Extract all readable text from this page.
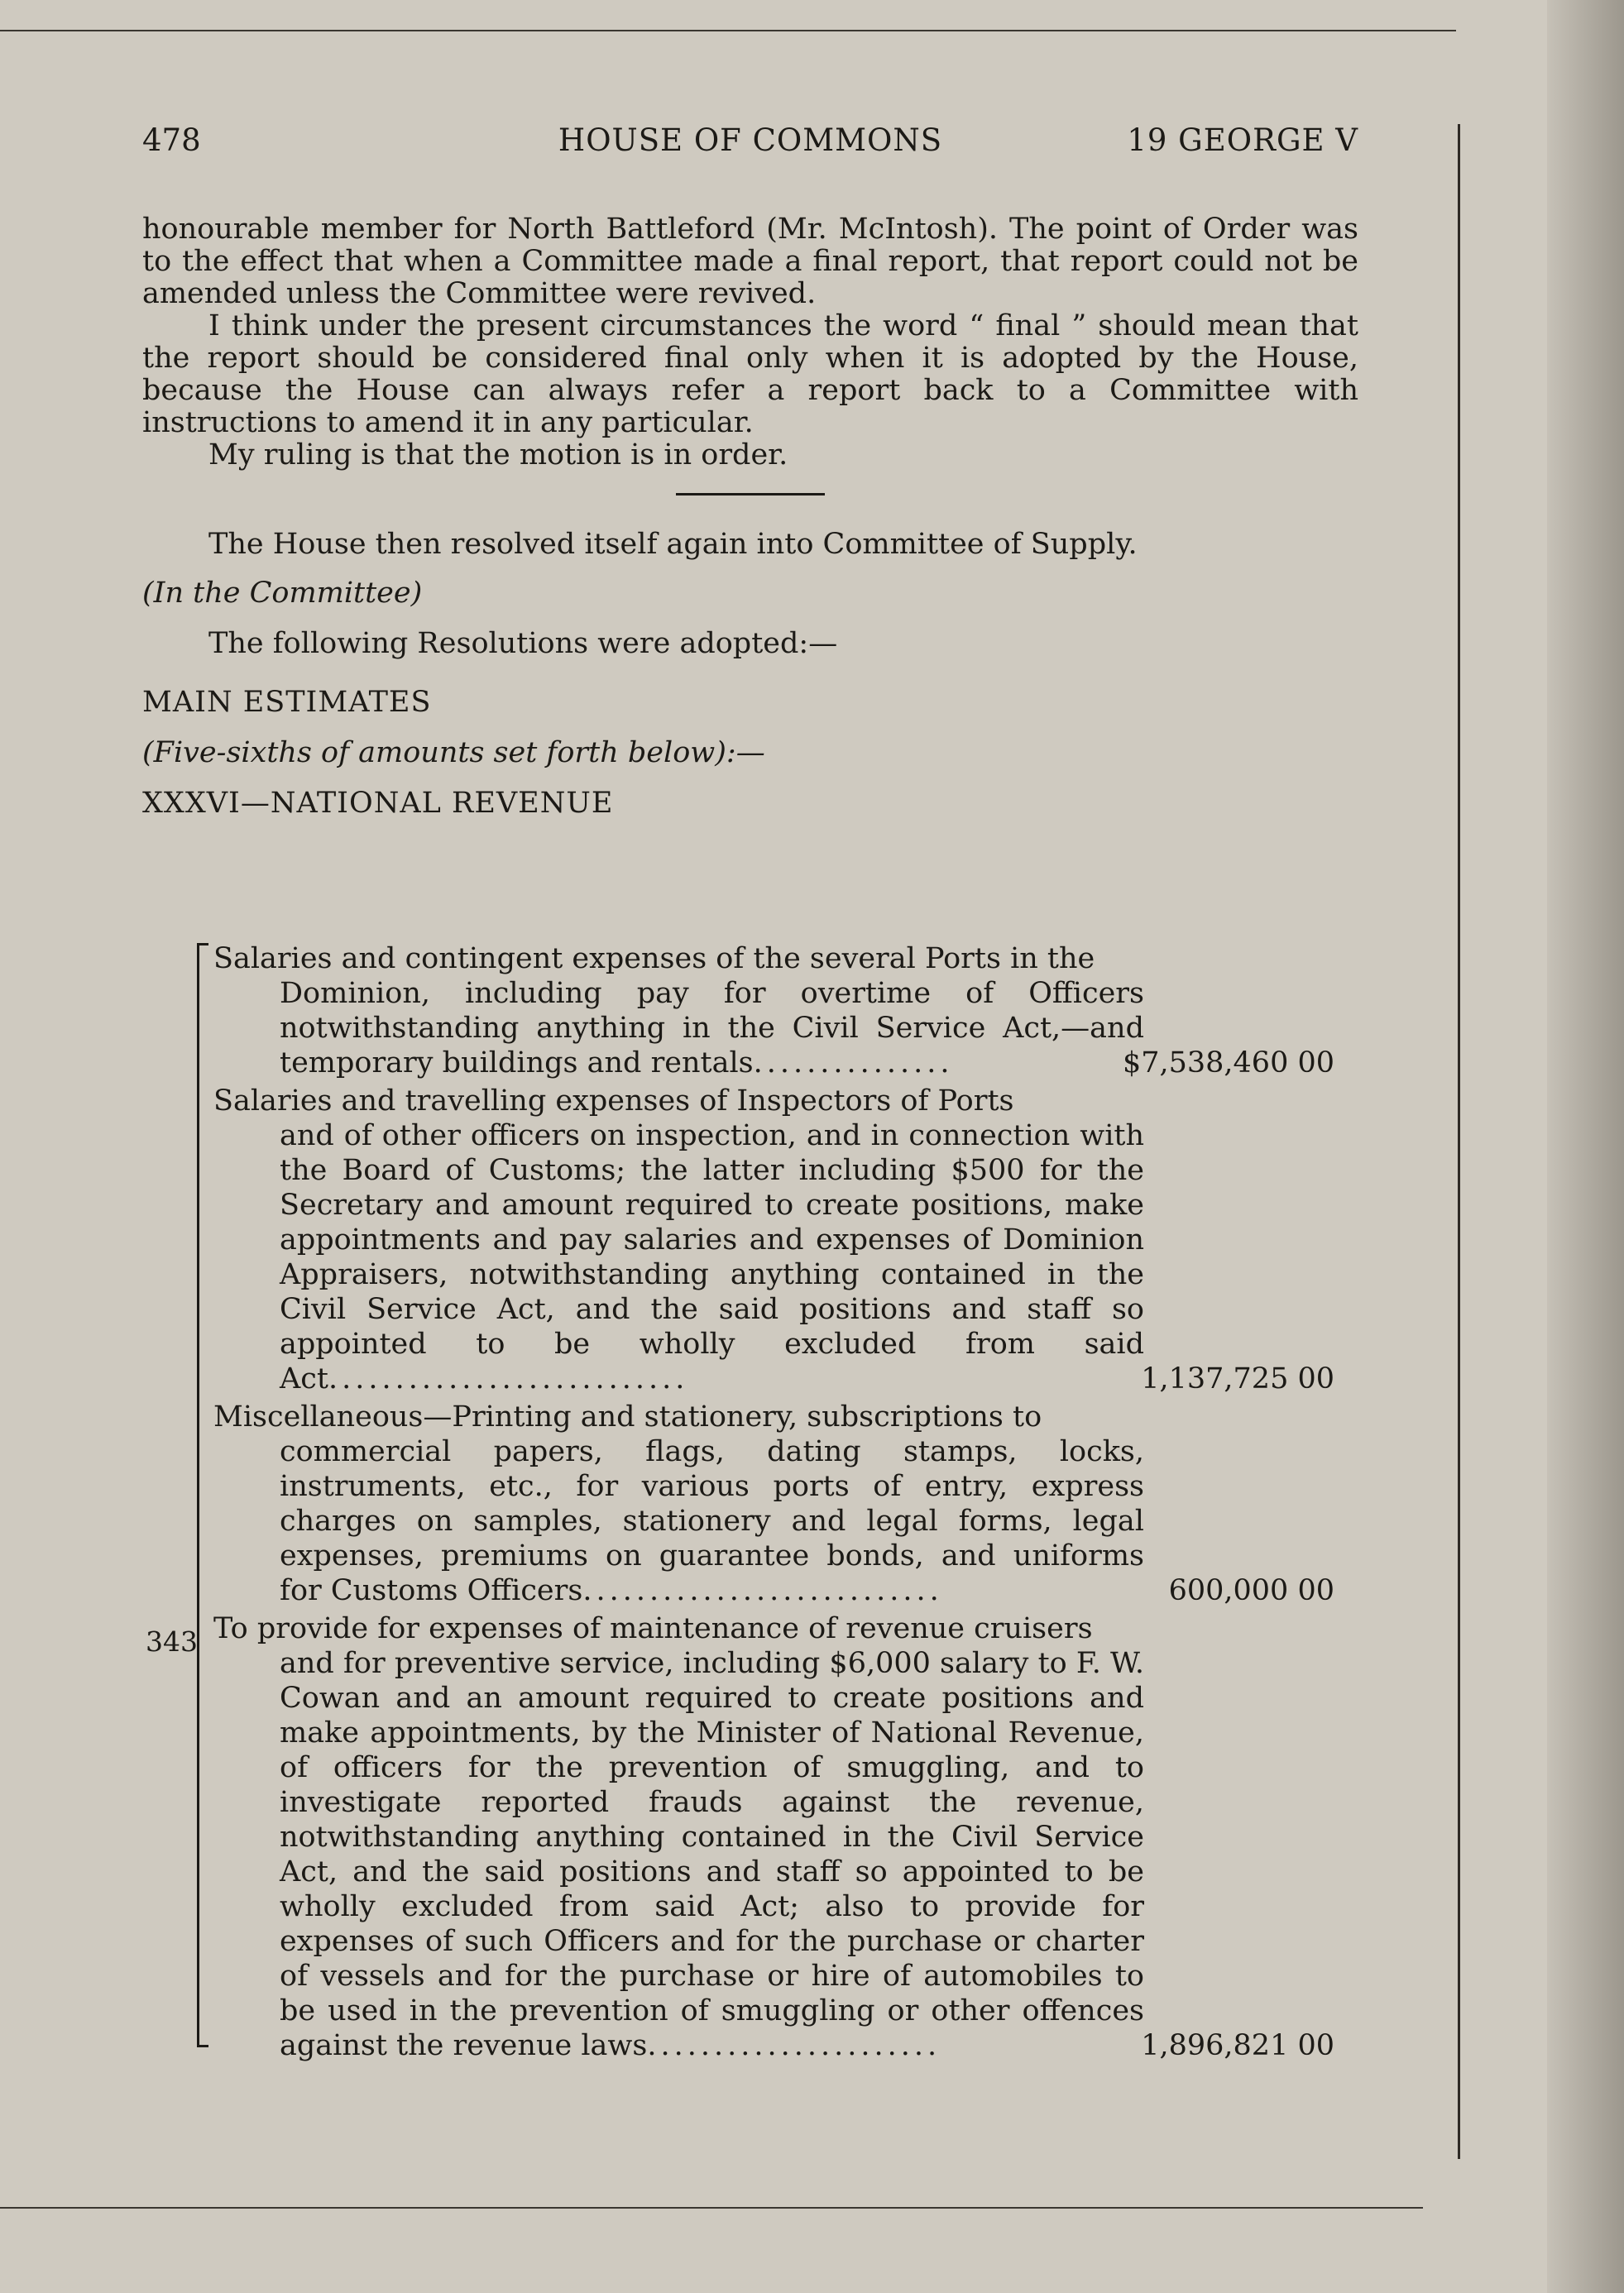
478	HOUSE OF COMMONS	19 GEORGE V

honourable member for North Battleford (Mr. McIntosh). The point of Order was to the effect that when a Committee made a final report, that report could not be amended unless the Committee were revived.

I think under the present circumstances the word “ final ” should mean that the report should be considered final only when it is adopted by the House, because the House can always refer a report back to a Committee with instructions to amend it in any particular.

My ruling is that the motion is in order.

The House then resolved itself again into Committee of Supply.

(In the Committee)

The following Resolutions were adopted:—

MAIN ESTIMATES

(Five-sixths of amounts set forth below):—

XXXVI—NATIONAL REVENUE

343
Salaries and contingent expenses of the several Ports in the
Dominion, including pay for overtime of Officers notwithstanding anything in the Civil Service Act,—and temporary buildings and rentals...............	$7,538,460 00
Salaries and travelling expenses of Inspectors of Ports
and of other officers on inspection, and in connection with the Board of Customs; the latter including $500 for the Secretary and amount required to create positions, make appointments and pay salaries and expenses of Dominion Appraisers, notwithstanding anything contained in the Civil Service Act, and the said positions and staff so appointed to be wholly excluded from said Act...........................	1,137,725 00
Miscellaneous—Printing and stationery, subscriptions to
commercial papers, flags, dating stamps, locks, instruments, etc., for various ports of entry, express charges on samples, stationery and legal forms, legal expenses, premiums on guarantee bonds, and uniforms for Customs Officers...........................	600,000 00
To provide for expenses of maintenance of revenue cruisers
and for preventive service, including $6,000 salary to F. W. Cowan and an amount required to create positions and make appointments, by the Minister of National Revenue, of officers for the prevention of smuggling, and to investigate reported frauds against the revenue, notwithstanding anything contained in the Civil Service Act, and the said positions and staff so appointed to be wholly excluded from said Act; also to provide for expenses of such Officers and for the purchase or charter of vessels and for the purchase or hire of automobiles to be used in the prevention of smuggling or other offences against the revenue laws......................	1,896,821 00
